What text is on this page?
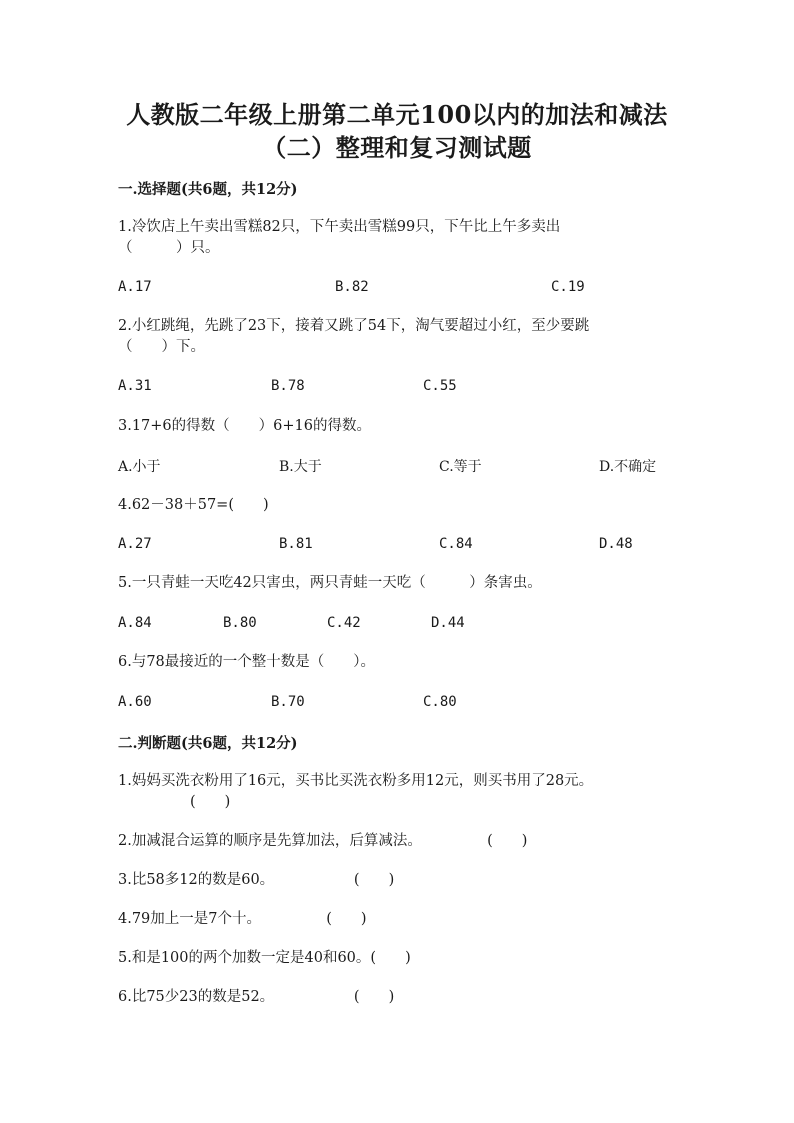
人教版二年级上册第二单元100以内的加法和减法
（二）整理和复习测试题
一.选择题(共6题，共12分)
1.冷饮店上午卖出雪糕82只，下午卖出雪糕99只，下午比上午多卖出
（　　　）只。
A.17	B.82	C.19
2.小红跳绳，先跳了23下，接着又跳了54下，淘气要超过小红，至少要跳
（　　）下。
A.31	B.78	C.55
3.17+6的得数（　　）6+16的得数。
A.小于	B.大于	C.等于	D.不确定
4.62－38＋57=(　　)
A.27	B.81	C.84	D.48
5.一只青蛙一天吃42只害虫，两只青蛙一天吃（　　　）条害虫。
A.84	B.80	C.42	D.44
6.与78最接近的一个整十数是（　　）。
A.60	B.70	C.80
二.判断题(共6题，共12分)
1.妈妈买洗衣粉用了16元，买书比买洗衣粉多用12元，则买书用了28元。
(　　)
2.加减混合运算的顺序是先算加法，后算减法。　　　　　(　　)
3.比58多12的数是60。　　　　　　(　　)
4.79加上一是7个十。　　　　　(　　)
5.和是100的两个加数一定是40和60。(　　)
6.比75少23的数是52。　　　　　　(　　)
